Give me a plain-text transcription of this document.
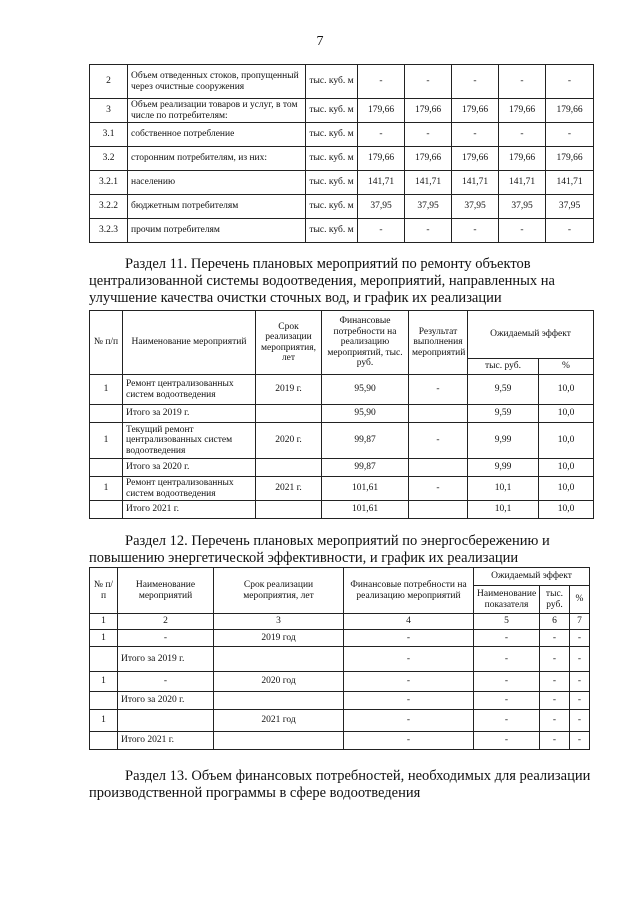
7
2	Объем отведенных стоков, пропущенный через очистные сооружения	тыс. куб. м	-	-	-	-	-
3	Объем реализации товаров и услуг, в том числе по потребителям:	тыс. куб. м	179,66	179,66	179,66	179,66	179,66
3.1	собственное потребление	тыс. куб. м	-	-	-	-	-
3.2	сторонним потребителям, из них:	тыс. куб. м	179,66	179,66	179,66	179,66	179,66
3.2.1	населению	тыс. куб. м	141,71	141,71	141,71	141,71	141,71
3.2.2	бюджетным потребителям	тыс. куб. м	37,95	37,95	37,95	37,95	37,95
3.2.3	прочим потребителям	тыс. куб. м	-	-	-	-	-
Раздел 11. Перечень плановых мероприятий по ремонту объектов
централизованной системы водоотведения, мероприятий, направленных на
улучшение качества очистки сточных вод, и график их реализации
№ п/п	Наименование мероприятий	Срок реализации мероприятия, лет	Финансовые потребности на реализацию мероприятий, тыс. руб.	Результат выполнения мероприятий	Ожидаемый эффект	
					тыс. руб.	%
1	Ремонт централизованных систем водоотведения	2019 г.	95,90	-	9,59	10,0
	Итого за 2019 г.		95,90		9,59	10,0
1	Текущий ремонт централизованных систем водоотведения	2020 г.	99,87	-	9,99	10,0
	Итого за 2020 г.		99,87		9,99	10,0
1	Ремонт централизованных систем водоотведения	2021 г.	101,61	-	10,1	10,0
	Итого 2021 г.		101,61		10,1	10,0
Раздел 12. Перечень плановых мероприятий по энергосбережению и
повышению энергетической эффективности, и график их реализации
№ п/п	Наименование мероприятий	Срок реализации мероприятия, лет	Финансовые потребности на реализацию мероприятий	Ожидаемый эффект		
				Наименование показателя	тыс. руб.	%
1	2	3	4	5	6	7
1	-	2019 год	-	-	-	-
	Итого за 2019 г.		-	-	-	-
1	-	2020 год	-	-	-	-
	Итого за 2020 г.		-	-	-	-
1		2021 год	-	-	-	-
	Итого 2021 г.		-	-	-	-
Раздел 13. Объем финансовых потребностей, необходимых для реализации
производственной программы в сфере водоотведения
